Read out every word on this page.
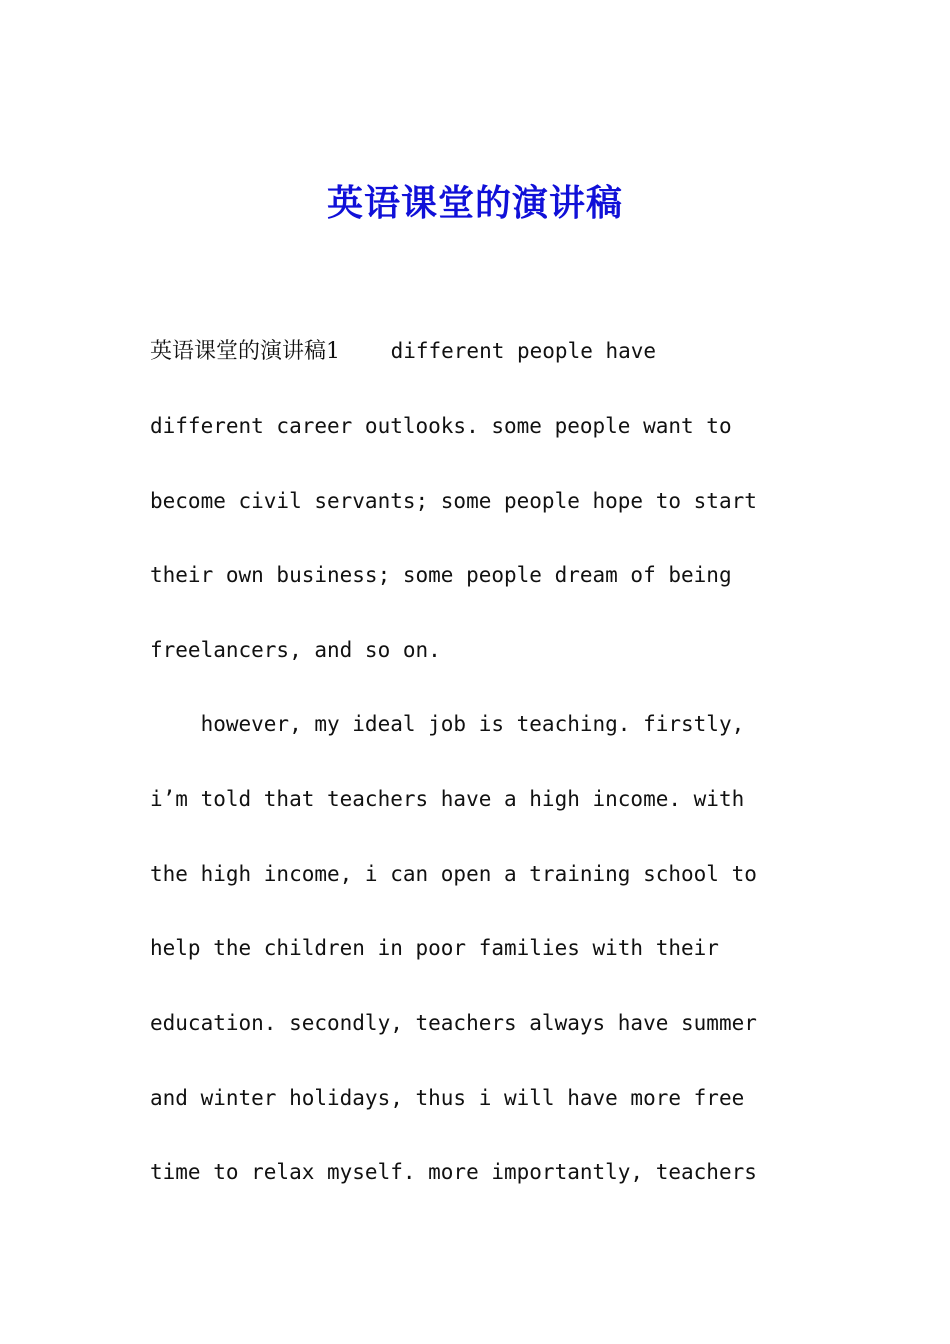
英语课堂的演讲稿
英语课堂的演讲稿1    different people have
different career outlooks. some people want to
become civil servants; some people hope to start
their own business; some people dream of being
freelancers, and so on.
however, my ideal job is teaching. firstly,
i’m told that teachers have a high income. with
the high income, i can open a training school to
help the children in poor families with their
education. secondly, teachers always have summer
and winter holidays, thus i will have more free
time to relax myself. more importantly, teachers
